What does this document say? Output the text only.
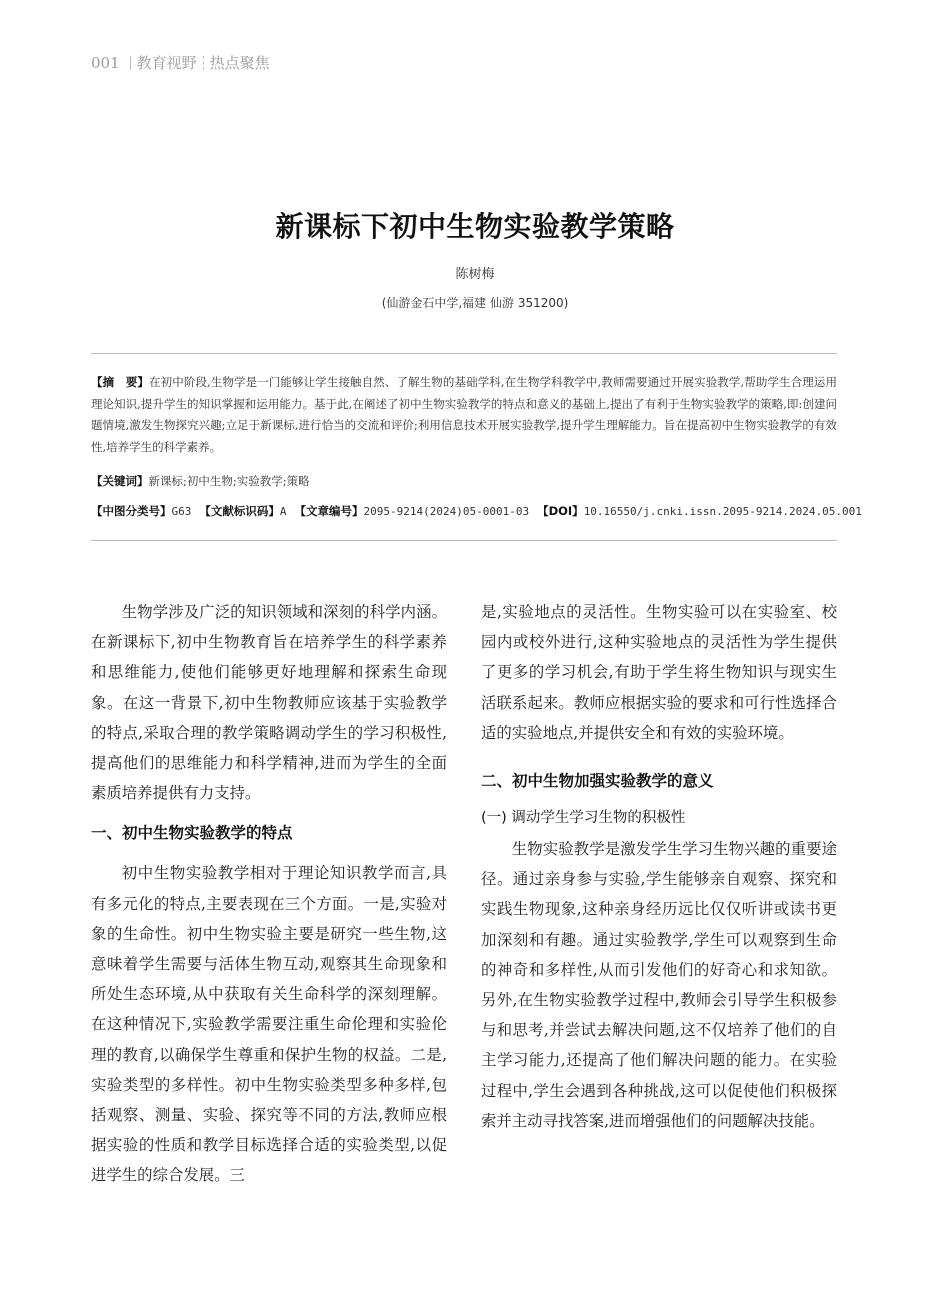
001 教育视野 热点聚焦
新课标下初中生物实验教学策略
陈树梅
(仙游金石中学,福建 仙游 351200)
【摘　要】在初中阶段,生物学是一门能够让学生接触自然、了解生物的基础学科,在生物学科教学中,教师需要通过开展实验教学,帮助学生合理运用理论知识,提升学生的知识掌握和运用能力。基于此,在阐述了初中生物实验教学的特点和意义的基础上,提出了有利于生物实验教学的策略,即:创建问题情境,激发生物探究兴趣;立足于新课标,进行恰当的交流和评价;利用信息技术开展实验教学,提升学生理解能力。旨在提高初中生物实验教学的有效性,培养学生的科学素养。
【关键词】新课标;初中生物;实验教学;策略
【中图分类号】G63 【文献标识码】A 【文章编号】2095-9214(2024)05-0001-03 【DOI】10.16550/j.cnki.issn.2095-9214.2024.05.001

生物学涉及广泛的知识领域和深刻的科学内涵。在新课标下,初中生物教育旨在培养学生的科学素养和思维能力,使他们能够更好地理解和探索生命现象。在这一背景下,初中生物教师应该基于实验教学的特点,采取合理的教学策略调动学生的学习积极性,提高他们的思维能力和科学精神,进而为学生的全面素质培养提供有力支持。

一、初中生物实验教学的特点

初中生物实验教学相对于理论知识教学而言,具有多元化的特点,主要表现在三个方面。一是,实验对象的生命性。初中生物实验主要是研究一些生物,这意味着学生需要与活体生物互动,观察其生命现象和所处生态环境,从中获取有关生命科学的深刻理解。在这种情况下,实验教学需要注重生命伦理和实验伦理的教育,以确保学生尊重和保护生物的权益。二是,实验类型的多样性。初中生物实验类型多种多样,包括观察、测量、实验、探究等不同的方法,教师应根据实验的性质和教学目标选择合适的实验类型,以促进学生的综合发展。三

是,实验地点的灵活性。生物实验可以在实验室、校园内或校外进行,这种实验地点的灵活性为学生提供了更多的学习机会,有助于学生将生物知识与现实生活联系起来。教师应根据实验的要求和可行性选择合适的实验地点,并提供安全和有效的实验环境。

二、初中生物加强实验教学的意义
(一) 调动学生学习生物的积极性

生物实验教学是激发学生学习生物兴趣的重要途径。通过亲身参与实验,学生能够亲自观察、探究和实践生物现象,这种亲身经历远比仅仅听讲或读书更加深刻和有趣。通过实验教学,学生可以观察到生命的神奇和多样性,从而引发他们的好奇心和求知欲。另外,在生物实验教学过程中,教师会引导学生积极参与和思考,并尝试去解决问题,这不仅培养了他们的自主学习能力,还提高了他们解决问题的能力。在实验过程中,学生会遇到各种挑战,这可以促使他们积极探索并主动寻找答案,进而增强他们的问题解决技能。
